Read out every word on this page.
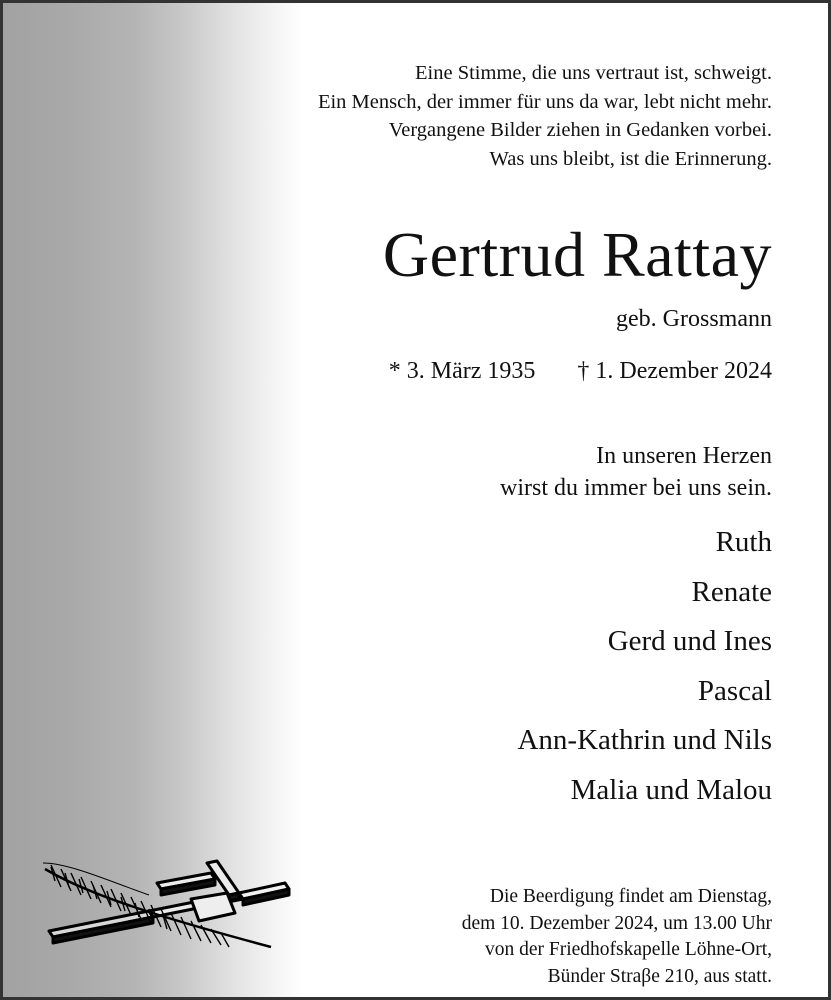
Eine Stimme, die uns vertraut ist, schweigt.
Ein Mensch, der immer für uns da war, lebt nicht mehr.
Vergangene Bilder ziehen in Gedanken vorbei.
Was uns bleibt, ist die Erinnerung.
Gertrud Rattay
geb. Grossmann
* 3. März 1935 † 1. Dezember 2024
In unseren Herzen
wirst du immer bei uns sein.
Ruth
Renate
Gerd und Ines
Pascal
Ann-Kathrin und Nils
Malia und Malou
Die Beerdigung findet am Dienstag,
dem 10. Dezember 2024, um 13.00 Uhr
von der Friedhofskapelle Löhne-Ort,
Bünder Straβe 210, aus statt.
